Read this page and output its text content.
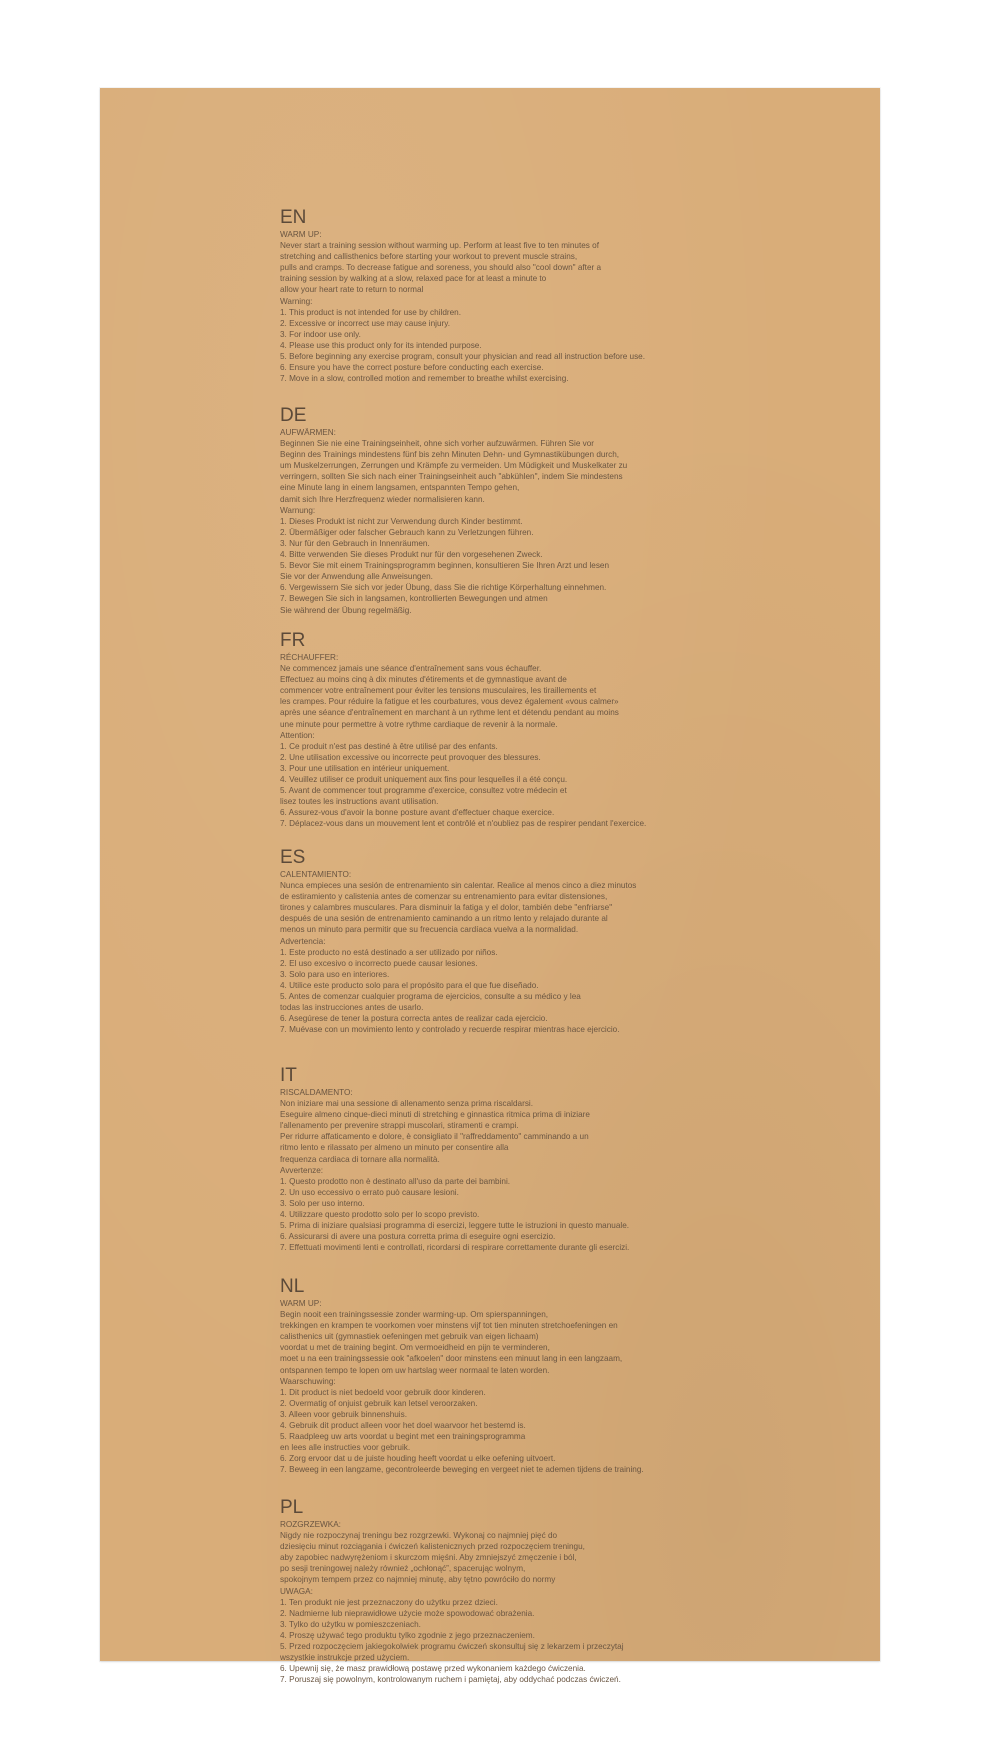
EN
WARM UP:
Never start a training session without warming up. Perform at least five to ten minutes of
stretching and callisthenics before starting your workout to prevent muscle strains,
pulls and cramps. To decrease fatigue and soreness, you should also "cool down" after a
training session by walking at a slow, relaxed pace for at least a minute to
allow your heart rate to return to normal
Warning:
1. This product is not intended for use by children.
2. Excessive or incorrect use may cause injury.
3. For indoor use only.
4. Please use this product only for its intended purpose.
5. Before beginning any exercise program, consult your physician and read all instruction before use.
6. Ensure you have the correct posture before conducting each exercise.
7. Move in a slow, controlled motion and remember to breathe whilst exercising.
DE
AUFWÄRMEN:
Beginnen Sie nie eine Trainingseinheit, ohne sich vorher aufzuwärmen. Führen Sie vor
Beginn des Trainings mindestens fünf bis zehn Minuten Dehn- und Gymnastikübungen durch,
um Muskelzerrungen, Zerrungen und Krämpfe zu vermeiden. Um Müdigkeit und Muskelkater zu
verringern, sollten Sie sich nach einer Trainingseinheit auch "abkühlen", indem Sie mindestens
eine Minute lang in einem langsamen, entspannten Tempo gehen,
damit sich Ihre Herzfrequenz wieder normalisieren kann.
Warnung:
1. Dieses Produkt ist nicht zur Verwendung durch Kinder bestimmt.
2. Übermäßiger oder falscher Gebrauch kann zu Verletzungen führen.
3. Nur für den Gebrauch in Innenräumen.
4. Bitte verwenden Sie dieses Produkt nur für den vorgesehenen Zweck.
5. Bevor Sie mit einem Trainingsprogramm beginnen, konsultieren Sie Ihren Arzt und lesen
Sie vor der Anwendung alle Anweisungen.
6. Vergewissern Sie sich vor jeder Übung, dass Sie die richtige Körperhaltung einnehmen.
7. Bewegen Sie sich in langsamen, kontrollierten Bewegungen und atmen
Sie während der Übung regelmäßig.
FR
RÉCHAUFFER:
Ne commencez jamais une séance d'entraînement sans vous échauffer.
Effectuez au moins cinq à dix minutes d'étirements et de gymnastique avant de
commencer votre entraînement pour éviter les tensions musculaires, les tiraillements et
les crampes. Pour réduire la fatigue et les courbatures, vous devez également «vous calmer»
après une séance d'entraînement en marchant à un rythme lent et détendu pendant au moins
une minute pour permettre à votre rythme cardiaque de revenir à la normale.
Attention:
1. Ce produit n'est pas destiné à être utilisé par des enfants.
2. Une utilisation excessive ou incorrecte peut provoquer des blessures.
3. Pour une utilisation en intérieur uniquement.
4. Veuillez utiliser ce produit uniquement aux fins pour lesquelles il a été conçu.
5. Avant de commencer tout programme d'exercice, consultez votre médecin et
lisez toutes les instructions avant utilisation.
6. Assurez-vous d'avoir la bonne posture avant d'effectuer chaque exercice.
7. Déplacez-vous dans un mouvement lent et contrôlé et n'oubliez pas de respirer pendant l'exercice.
ES
CALENTAMIENTO:
Nunca empieces una sesión de entrenamiento sin calentar. Realice al menos cinco a diez minutos
de estiramiento y calistenia antes de comenzar su entrenamiento para evitar distensiones,
tirones y calambres musculares. Para disminuir la fatiga y el dolor, también debe "enfriarse"
después de una sesión de entrenamiento caminando a un ritmo lento y relajado durante al
menos un minuto para permitir que su frecuencia cardíaca vuelva a la normalidad.
Advertencia:
1. Este producto no está destinado a ser utilizado por niños.
2. El uso excesivo o incorrecto puede causar lesiones.
3. Solo para uso en interiores.
4. Utilice este producto solo para el propósito para el que fue diseñado.
5. Antes de comenzar cualquier programa de ejercicios, consulte a su médico y lea
todas las instrucciones antes de usarlo.
6. Asegúrese de tener la postura correcta antes de realizar cada ejercicio.
7. Muévase con un movimiento lento y controlado y recuerde respirar mientras hace ejercicio.
IT
RISCALDAMENTO:
Non iniziare mai una sessione di allenamento senza prima riscaldarsi.
Eseguire almeno cinque-dieci minuti di stretching e ginnastica ritmica prima di iniziare
l'allenamento per prevenire strappi muscolari, stiramenti e crampi.
Per ridurre affaticamento e dolore, è consigliato il "raffreddamento" camminando a un
ritmo lento e rilassato per almeno un minuto per consentire alla
frequenza cardiaca di tornare alla normalità.
Avvertenze:
1. Questo prodotto non è destinato all'uso da parte dei bambini.
2. Un uso eccessivo o errato può causare lesioni.
3. Solo per uso interno.
4. Utilizzare questo prodotto solo per lo scopo previsto.
5. Prima di iniziare qualsiasi programma di esercizi, leggere tutte le istruzioni in questo manuale.
6. Assicurarsi di avere una postura corretta prima di eseguire ogni esercizio.
7. Effettuati movimenti lenti e controllati, ricordarsi di respirare correttamente durante gli esercizi.
NL
WARM UP:
Begin nooit een trainingssessie zonder warming-up. Om spierspanningen,
trekkingen en krampen te voorkomen voer minstens vijf tot tien minuten stretchoefeningen en
calisthenics uit (gymnastiek oefeningen met gebruik van eigen lichaam)
voordat u met de training begint. Om vermoeidheid en pijn te verminderen,
moet u na een trainingssessie ook "afkoelen" door minstens een minuut lang in een langzaam,
ontspannen tempo te lopen om uw hartslag weer normaal te laten worden.
Waarschuwing:
1. Dit product is niet bedoeld voor gebruik door kinderen.
2. Overmatig of onjuist gebruik kan letsel veroorzaken.
3. Alleen voor gebruik binnenshuis.
4. Gebruik dit product alleen voor het doel waarvoor het bestemd is.
5. Raadpleeg uw arts voordat u begint met een trainingsprogramma
en lees alle instructies voor gebruik.
6. Zorg ervoor dat u de juiste houding heeft voordat u elke oefening uitvoert.
7. Beweeg in een langzame, gecontroleerde beweging en vergeet niet te ademen tijdens de training.
PL
ROZGRZEWKA:
Nigdy nie rozpoczynaj treningu bez rozgrzewki. Wykonaj co najmniej pięć do
dziesięciu minut rozciągania i ćwiczeń kalistenicznych przed rozpoczęciem treningu,
aby zapobiec nadwyrężeniom i skurczom mięśni. Aby zmniejszyć zmęczenie i ból,
po sesji treningowej należy również „ochłonąć”, spacerując wolnym,
spokojnym tempem przez co najmniej minutę, aby tętno powróciło do normy
UWAGA:
1. Ten produkt nie jest przeznaczony do użytku przez dzieci.
2. Nadmierne lub nieprawidłowe użycie może spowodować obrażenia.
3. Tylko do użytku w pomieszczeniach.
4. Proszę używać tego produktu tylko zgodnie z jego przeznaczeniem.
5. Przed rozpoczęciem jakiegokolwiek programu ćwiczeń skonsultuj się z lekarzem i przeczytaj
wszystkie instrukcje przed użyciem.
6. Upewnij się, że masz prawidłową postawę przed wykonaniem każdego ćwiczenia.
7. Poruszaj się powolnym, kontrolowanym ruchem i pamiętaj, aby oddychać podczas ćwiczeń.
